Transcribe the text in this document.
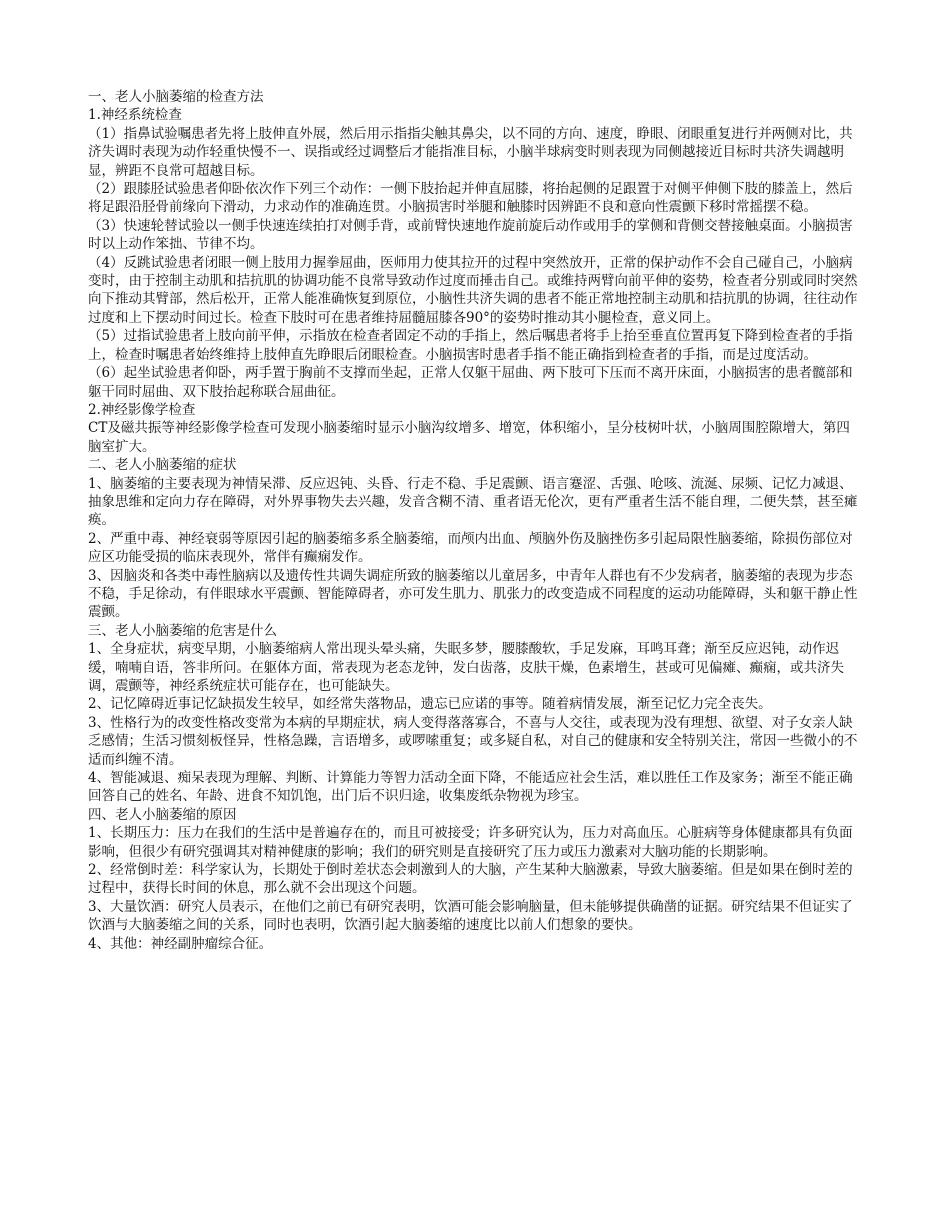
一、老人小脑萎缩的检查方法

1.神经系统检查

（1）指鼻试验嘱患者先将上肢伸直外展，然后用示指指尖触其鼻尖，以不同的方向、速度，睁眼、闭眼重复进行并两侧对比，共济失调时表现为动作轻重快慢不一、误指或经过调整后才能指准目标，小脑半球病变时则表现为同侧越接近目标时共济失调越明显，辨距不良常可超越目标。

（2）跟膝胫试验患者仰卧依次作下列三个动作：一侧下肢抬起并伸直屈膝，将抬起侧的足跟置于对侧平伸侧下肢的膝盖上，然后将足跟沿胫骨前缘向下滑动，力求动作的准确连贯。小脑损害时举腿和触膝时因辨距不良和意向性震颤下移时常摇摆不稳。

（3）快速轮替试验以一侧手快速连续拍打对侧手背，或前臂快速地作旋前旋后动作或用手的掌侧和背侧交替接触桌面。小脑损害时以上动作笨拙、节律不均。

（4）反跳试验患者闭眼一侧上肢用力握拳屈曲，医师用力使其拉开的过程中突然放开，正常的保护动作不会自己碰自己，小脑病变时，由于控制主动肌和拮抗肌的协调功能不良常导致动作过度而捶击自己。或维持两臂向前平伸的姿势，检查者分别或同时突然向下推动其臂部，然后松开，正常人能准确恢复到原位，小脑性共济失调的患者不能正常地控制主动肌和拮抗肌的协调，往往动作过度和上下摆动时间过长。检查下肢时可在患者维持屈髓屈膝各90°的姿势时推动其小腿检查，意义同上。

（5）过指试验患者上肢向前平伸，示指放在检查者固定不动的手指上，然后嘱患者将手上抬至垂直位置再复下降到检查者的手指上，检查时嘱患者始终维持上肢伸直先睁眼后闭眼检查。小脑损害时患者手指不能正确指到检查者的手指，而是过度活动。

（6）起坐试验患者仰卧，两手置于胸前不支撑而坐起，正常人仅躯干屈曲、两下肢可下压而不离开床面，小脑损害的患者髋部和躯干同时屈曲、双下肢抬起称联合屈曲征。

2.神经影像学检查

CT及磁共振等神经影像学检查可发现小脑萎缩时显示小脑沟纹增多、增宽，体积缩小，呈分枝树叶状，小脑周围腔隙增大，第四脑室扩大。

二、老人小脑萎缩的症状

1、脑萎缩的主要表现为神情呆滞、反应迟钝、头昏、行走不稳、手足震颤、语言蹇涩、舌强、呛咳、流涎、尿频、记忆力减退、抽象思维和定向力存在障碍，对外界事物失去兴趣，发音含糊不清、重者语无伦次，更有严重者生活不能自理，二便失禁，甚至瘫痪。

2、严重中毒、神经衰弱等原因引起的脑萎缩多系全脑萎缩，而颅内出血、颅脑外伤及脑挫伤多引起局限性脑萎缩，除损伤部位对应区功能受损的临床表现外，常伴有癫痫发作。

3、因脑炎和各类中毒性脑病以及遗传性共调失调症所致的脑萎缩以儿童居多，中青年人群也有不少发病者，脑萎缩的表现为步态不稳，手足徐动，有伴眼球水平震颤、智能障碍者，亦可发生肌力、肌张力的改变造成不同程度的运动功能障碍，头和躯干静止性震颤。

三、老人小脑萎缩的危害是什么

1、全身症状，病变早期，小脑萎缩病人常出现头晕头痛，失眠多梦，腰膝酸软，手足发麻，耳鸣耳聋；渐至反应迟钝，动作迟缓，喃喃自语，答非所问。在躯体方面，常表现为老态龙钟，发白齿落，皮肤干燥，色素增生，甚或可见偏瘫、癫痫，或共济失调，震颤等，神经系统症状可能存在，也可能缺失。

2、记忆障碍近事记忆缺损发生较早，如经常失落物品，遗忘已应诺的事等。随着病情发展，渐至记忆力完全丧失。

3、性格行为的改变性格改变常为本病的早期症状，病人变得落落寡合，不喜与人交往，或表现为没有理想、欲望、对子女亲人缺乏感情；生活习惯刻板怪异，性格急躁，言语增多，或啰嗦重复；或多疑自私，对自己的健康和安全特别关注，常因一些微小的不适而纠缠不清。

4、智能减退、痴呆表现为理解、判断、计算能力等智力活动全面下降，不能适应社会生活，难以胜任工作及家务；渐至不能正确回答自己的姓名、年龄、进食不知饥饱，出门后不识归途，收集废纸杂物视为珍宝。

四、老人小脑萎缩的原因

1、长期压力：压力在我们的生活中是普遍存在的，而且可被接受；许多研究认为，压力对高血压。心脏病等身体健康都具有负面影响，但很少有研究强调其对精神健康的影响；我们的研究则是直接研究了压力或压力激素对大脑功能的长期影响。

2、经常倒时差：科学家认为，长期处于倒时差状态会刺激到人的大脑，产生某种大脑激素，导致大脑萎缩。但是如果在倒时差的过程中，获得长时间的休息，那么就不会出现这个问题。

3、大量饮酒：研究人员表示，在他们之前已有研究表明，饮酒可能会影响脑量，但未能够提供确凿的证据。研究结果不但证实了饮酒与大脑萎缩之间的关系，同时也表明，饮酒引起大脑萎缩的速度比以前人们想象的要快。

4、其他：神经副肿瘤综合征。
